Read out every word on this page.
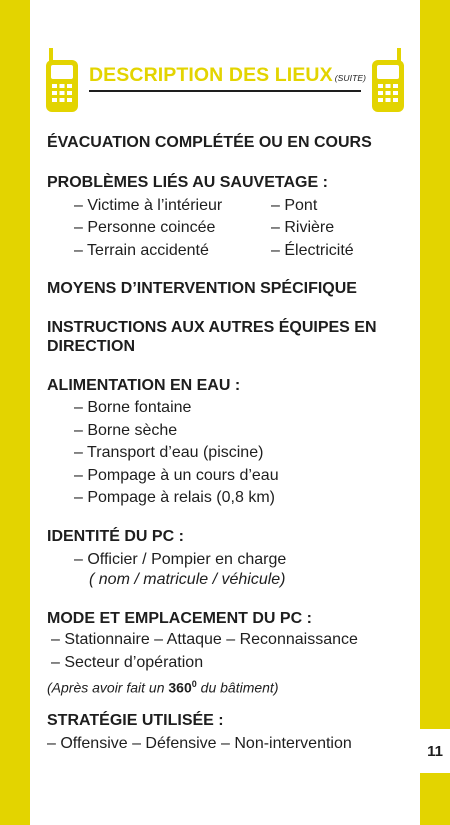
11
DESCRIPTION DES LIEUX (SUITE)
ÉVACUATION COMPLÉTÉE OU EN COURS
PROBLÈMES LIÉS AU SAUVETAGE :
– Victime à l’intérieur
– Personne coincée
– Terrain accidenté
– Pont
– Rivière
– Électricité
MOYENS D’INTERVENTION SPÉCIFIQUE
INSTRUCTIONS AUX AUTRES ÉQUIPES EN
DIRECTION
ALIMENTATION EN EAU :
– Borne fontaine
– Borne sèche
– Transport d’eau (piscine)
– Pompage à un cours d’eau
– Pompage à relais (0,8 km)
IDENTITÉ DU PC :
– Officier / Pompier en charge
( nom / matricule / véhicule)
MODE ET EMPLACEMENT DU PC :
– Stationnaire – Attaque – Reconnaissance
– Secteur d’opération
(Après avoir fait un $360^0$ du bâtiment)
STRATÉGIE UTILISÉE :
– Offensive – Défensive – Non-intervention
